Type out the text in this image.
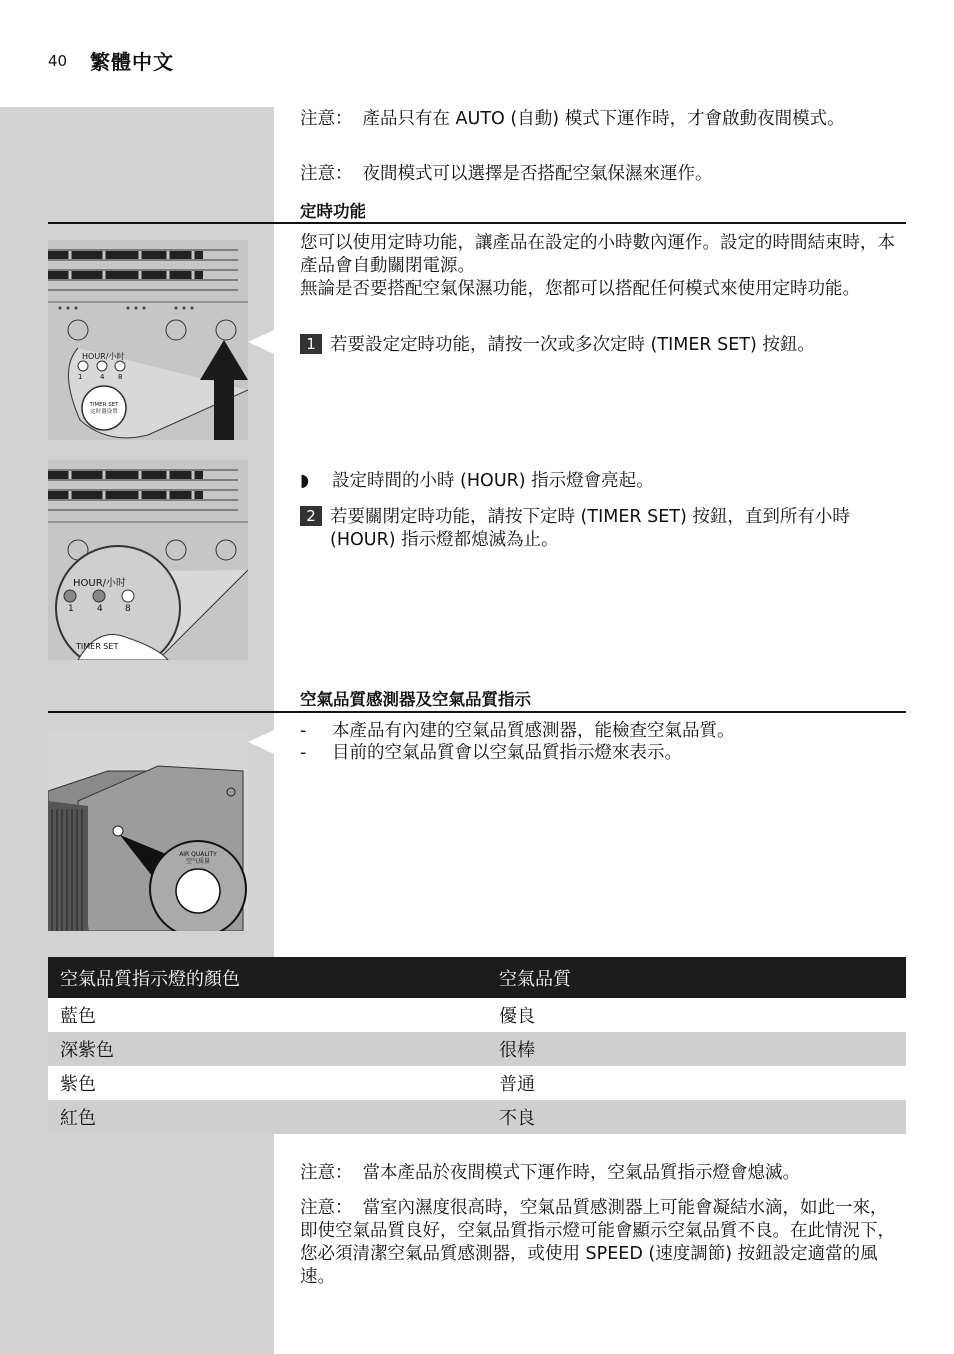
40 繁體中文
注意： 產品只有在 AUTO (自動) 模式下運作時，才會啟動夜間模式。
注意： 夜間模式可以選擇是否搭配空氣保濕來運作。
定時功能
您可以使用定時功能，讓產品在設定的小時數內運作。設定的時間結束時，本產品會自動關閉電源。
無論是否要搭配空氣保濕功能，您都可以搭配任何模式來使用定時功能。
1 若要設定定時功能，請按一次或多次定時 (TIMER SET) 按鈕。
◗	設定時間的小時 (HOUR) 指示燈會亮起。
2 若要關閉定時功能，請按下定時 (TIMER SET) 按鈕，直到所有小時 (HOUR) 指示燈都熄滅為止。
HOUR/小时
1	4 8
TIMER SET
定时器设置
HOUR/小时
1	4 8
TIMER SET
空氣品質感測器及空氣品質指示
-	本產品有內建的空氣品質感測器，能檢查空氣品質。
-	目前的空氣品質會以空氣品質指示燈來表示。
AIR QUALITY
空气质量
空氣品質指示燈的顏色	空氣品質
藍色	優良
深紫色	很棒
紫色	普通
紅色	不良
注意： 當本產品於夜間模式下運作時，空氣品質指示燈會熄滅。
注意： 當室內濕度很高時，空氣品質感測器上可能會凝結水滴，如此一來，即使空氣品質良好，空氣品質指示燈可能會顯示空氣品質不良。在此情況下，您必須清潔空氣品質感測器，或使用 SPEED (速度調節) 按鈕設定適當的風速。
